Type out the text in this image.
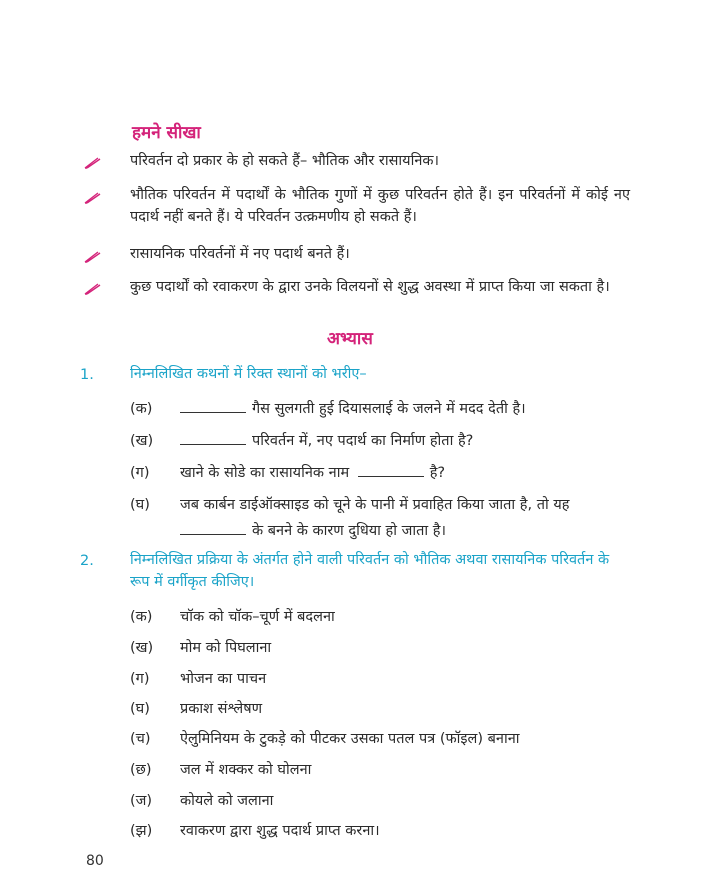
हमने सीखा
परिवर्तन दो प्रकार के हो सकते हैं– भौतिक और रासायनिक।
भौतिक परिवर्तन में पदार्थों के भौतिक गुणों में कुछ परिवर्तन होते हैं। इन परिवर्तनों में कोई नए पदार्थ नहीं बनते हैं। ये परिवर्तन उत्क्रमणीय हो सकते हैं।
रासायनिक परिवर्तनों में नए पदार्थ बनते हैं।
कुछ पदार्थों को रवाकरण के द्वारा उनके विलयनों से शुद्ध अवस्था में प्राप्त किया जा सकता है।
अभ्यास
1. निम्नलिखित कथनों में रिक्त स्थानों को भरीए–
(क)	गैस सुलगती हुई दियासलाई के जलने में मदद देती है।
(ख)	परिवर्तन में, नए पदार्थ का निर्माण होता है?
(ग) खाने के सोडे का रासायनिक नाम	है?
(घ) जब कार्बन डाईऑक्साइड को चूने के पानी में प्रवाहित किया जाता है, तो यह
के बनने के कारण दुधिया हो जाता है।
2. निम्नलिखित प्रक्रिया के अंतर्गत होने वाली परिवर्तन को भौतिक अथवा रासायनिक परिवर्तन के रूप में वर्गीकृत कीजिए।
(क) चॉक को चॉक–चूर्ण में बदलना
(ख) मोम को पिघलाना
(ग) भोजन का पाचन
(घ) प्रकाश संश्लेषण
(च) ऐलुमिनियम के टुकड़े को पीटकर उसका पतल पत्र (फॉइल) बनाना
(छ) जल में शक्कर को घोलना
(ज) कोयले को जलाना
(झ) रवाकरण द्वारा शुद्ध पदार्थ प्राप्त करना।
80
